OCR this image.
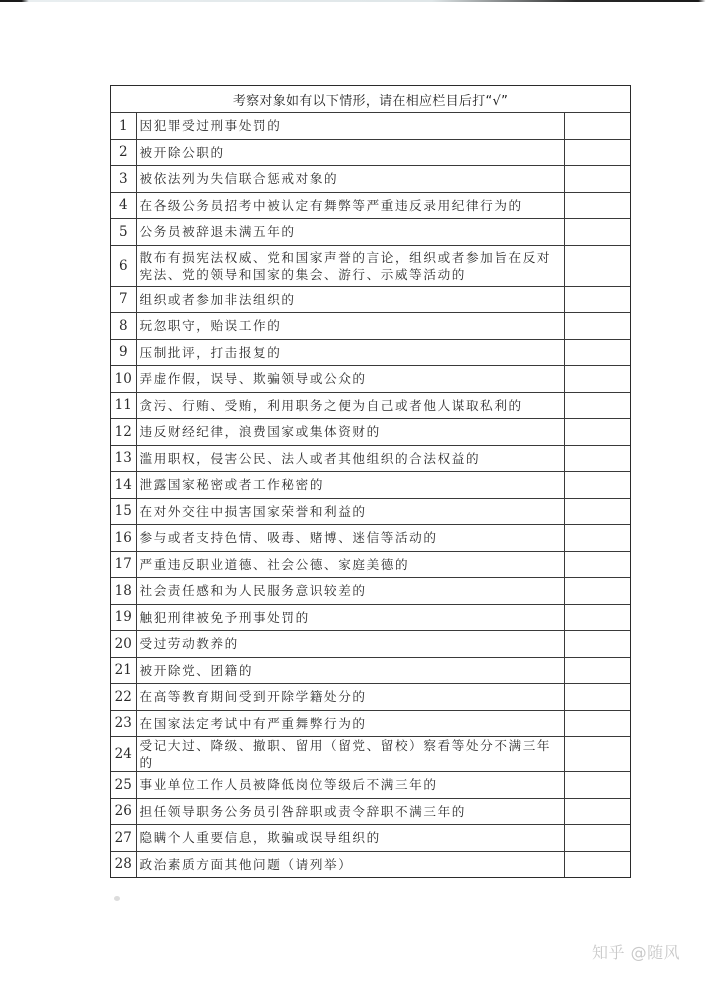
考察对象如有以下情形，请在相应栏目后打“√”		
1	因犯罪受过刑事处罚的	
2	被开除公职的	
3	被依法列为失信联合惩戒对象的	
4	在各级公务员招考中被认定有舞弊等严重违反录用纪律行为的	
5	公务员被辞退未满五年的	
6	散布有损宪法权威、党和国家声誉的言论，组织或者参加旨在反对宪法、党的领导和国家的集会、游行、示威等活动的	
7	组织或者参加非法组织的	
8	玩忽职守，贻误工作的	
9	压制批评，打击报复的	
10	弄虚作假，误导、欺骗领导或公众的	
11	贪污、行贿、受贿，利用职务之便为自己或者他人谋取私利的	
12	违反财经纪律，浪费国家或集体资财的	
13	滥用职权，侵害公民、法人或者其他组织的合法权益的	
14	泄露国家秘密或者工作秘密的	
15	在对外交往中损害国家荣誉和利益的	
16	参与或者支持色情、吸毒、赌博、迷信等活动的	
17	严重违反职业道德、社会公德、家庭美德的	
18	社会责任感和为人民服务意识较差的	
19	触犯刑律被免予刑事处罚的	
20	受过劳动教养的	
21	被开除党、团籍的	
22	在高等教育期间受到开除学籍处分的	
23	在国家法定考试中有严重舞弊行为的	
24	受记大过、降级、撤职、留用（留党、留校）察看等处分不满三年的	
25	事业单位工作人员被降低岗位等级后不满三年的	
26	担任领导职务公务员引咎辞职或责令辞职不满三年的	
27	隐瞒个人重要信息，欺骗或误导组织的	
28	政治素质方面其他问题（请列举）	
知乎 @随风
